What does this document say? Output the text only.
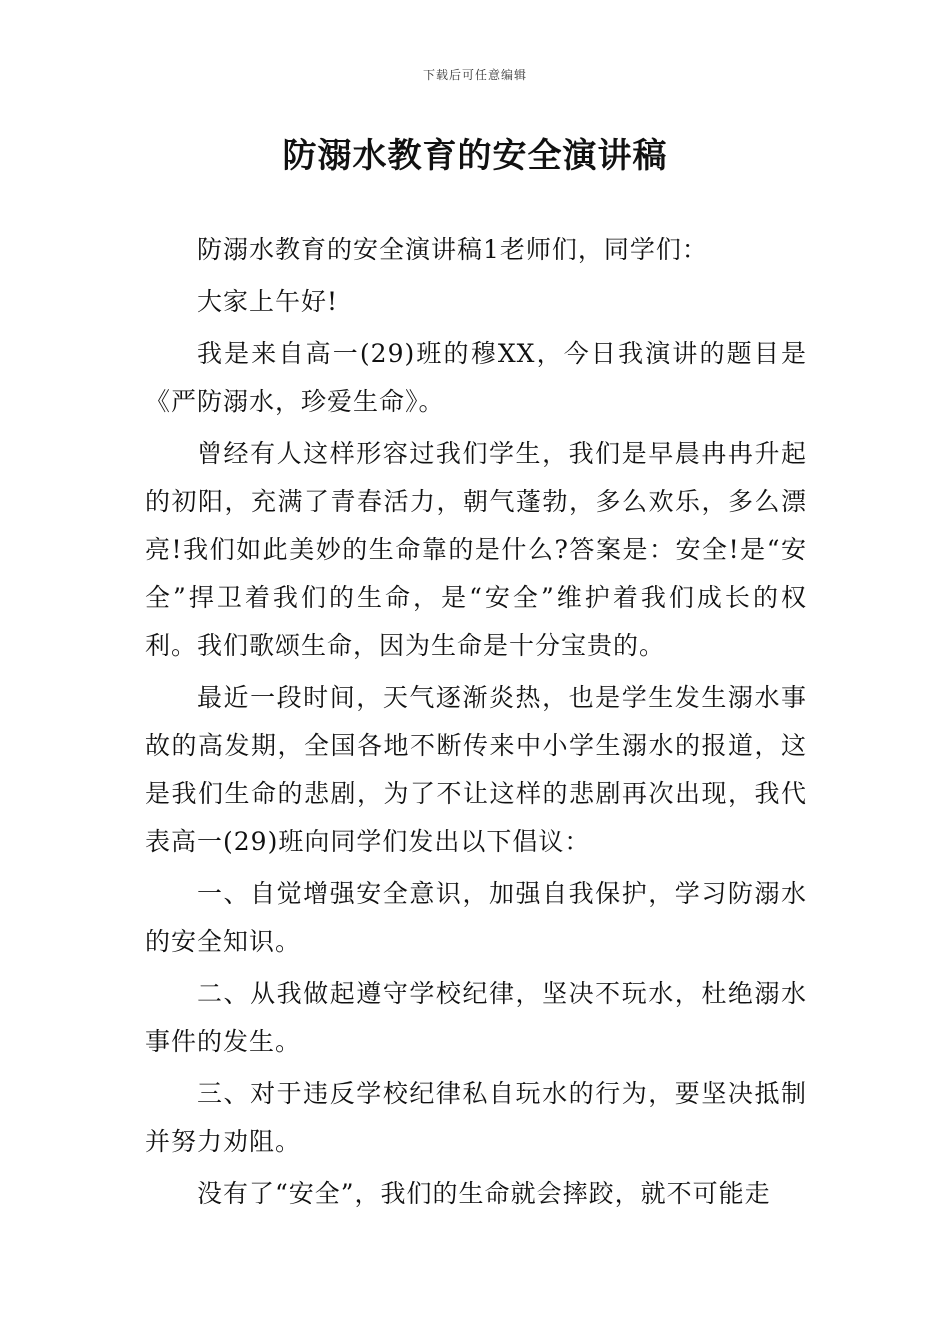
下载后可任意编辑
防溺水教育的安全演讲稿

防溺水教育的安全演讲稿1老师们，同学们：

大家上午好!

我是来自高一(29)班的穆XX，今日我演讲的题目是《严防溺水，珍爱生命》。

曾经有人这样形容过我们学生，我们是早晨冉冉升起的初阳，充满了青春活力，朝气蓬勃，多么欢乐，多么漂亮!我们如此美妙的生命靠的是什么?答案是：安全!是“安全”捍卫着我们的生命，是“安全”维护着我们成长的权利。我们歌颂生命，因为生命是十分宝贵的。

最近一段时间，天气逐渐炎热，也是学生发生溺水事故的高发期，全国各地不断传来中小学生溺水的报道，这是我们生命的悲剧，为了不让这样的悲剧再次出现，我代表高一(29)班向同学们发出以下倡议：

一、自觉增强安全意识，加强自我保护，学习防溺水的安全知识。

二、从我做起遵守学校纪律，坚决不玩水，杜绝溺水事件的发生。

三、对于违反学校纪律私自玩水的行为，要坚决抵制并努力劝阻。

没有了“安全”，我们的生命就会摔跤，就不可能走
